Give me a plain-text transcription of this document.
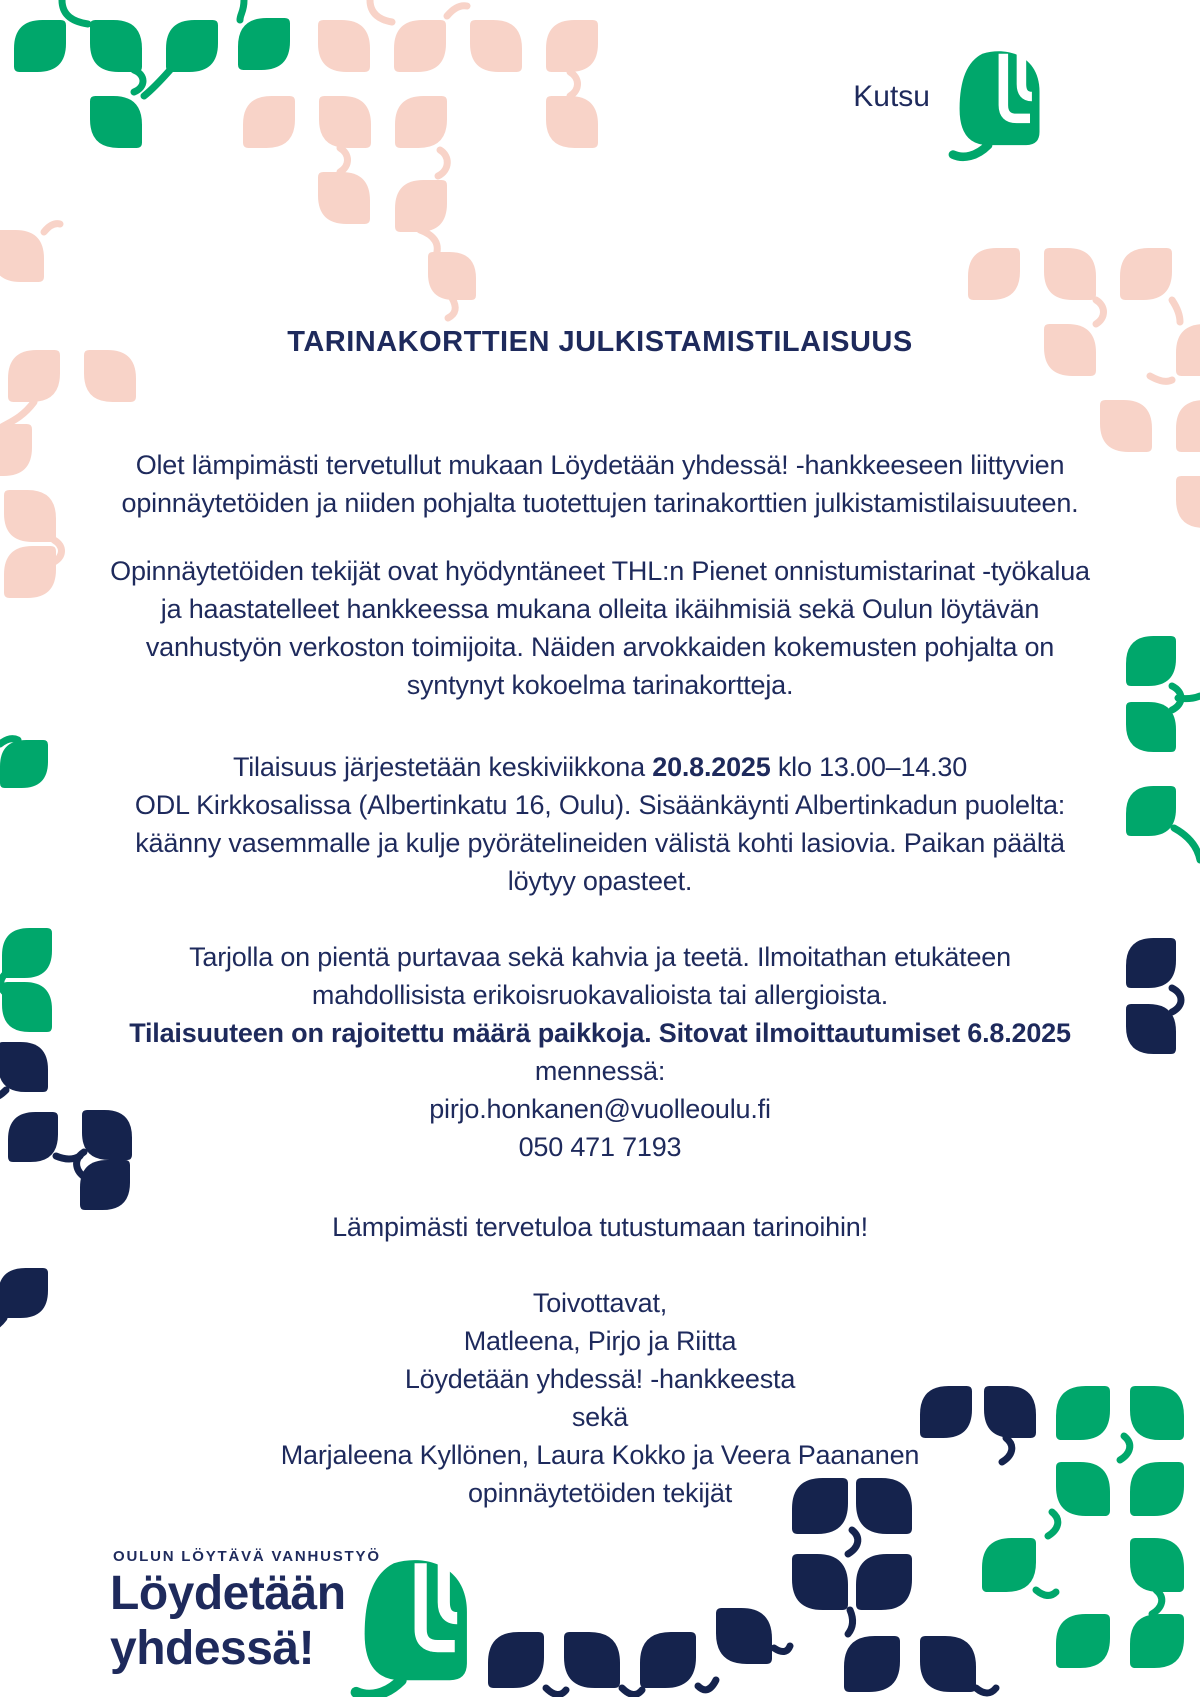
Kutsu
TARINAKORTTIEN JULKISTAMISTILAISUUS
Olet lämpimästi tervetullut mukaan Löydetään yhdessä! -hankkeeseen liittyvien
opinnäytetöiden ja niiden pohjalta tuotettujen tarinakorttien julkistamistilaisuuteen.
Opinnäytetöiden tekijät ovat hyödyntäneet THL:n Pienet onnistumistarinat -työkalua
ja haastatelleet hankkeessa mukana olleita ikäihmisiä sekä Oulun löytävän
vanhustyön verkoston toimijoita. Näiden arvokkaiden kokemusten pohjalta on
syntynyt kokoelma tarinakortteja.
Tilaisuus järjestetään keskiviikkona 20.8.2025 klo 13.00–14.30
ODL Kirkkosalissa (Albertinkatu 16, Oulu). Sisäänkäynti Albertinkadun puolelta:
käänny vasemmalle ja kulje pyörätelineiden välistä kohti lasiovia. Paikan päältä
löytyy opasteet.
Tarjolla on pientä purtavaa sekä kahvia ja teetä. Ilmoitathan etukäteen
mahdollisista erikoisruokavalioista tai allergioista.
Tilaisuuteen on rajoitettu määrä paikkoja. Sitovat ilmoittautumiset 6.8.2025
mennessä:
pirjo.honkanen@vuolleoulu.fi
050 471 7193
Lämpimästi tervetuloa tutustumaan tarinoihin!
Toivottavat,
Matleena, Pirjo ja Riitta
Löydetään yhdessä! -hankkeesta
sekä
Marjaleena Kyllönen, Laura Kokko ja Veera Paananen
opinnäytetöiden tekijät
OULUN LÖYTÄVÄ VANHUSTYÖ
Löydetään
yhdessä!
